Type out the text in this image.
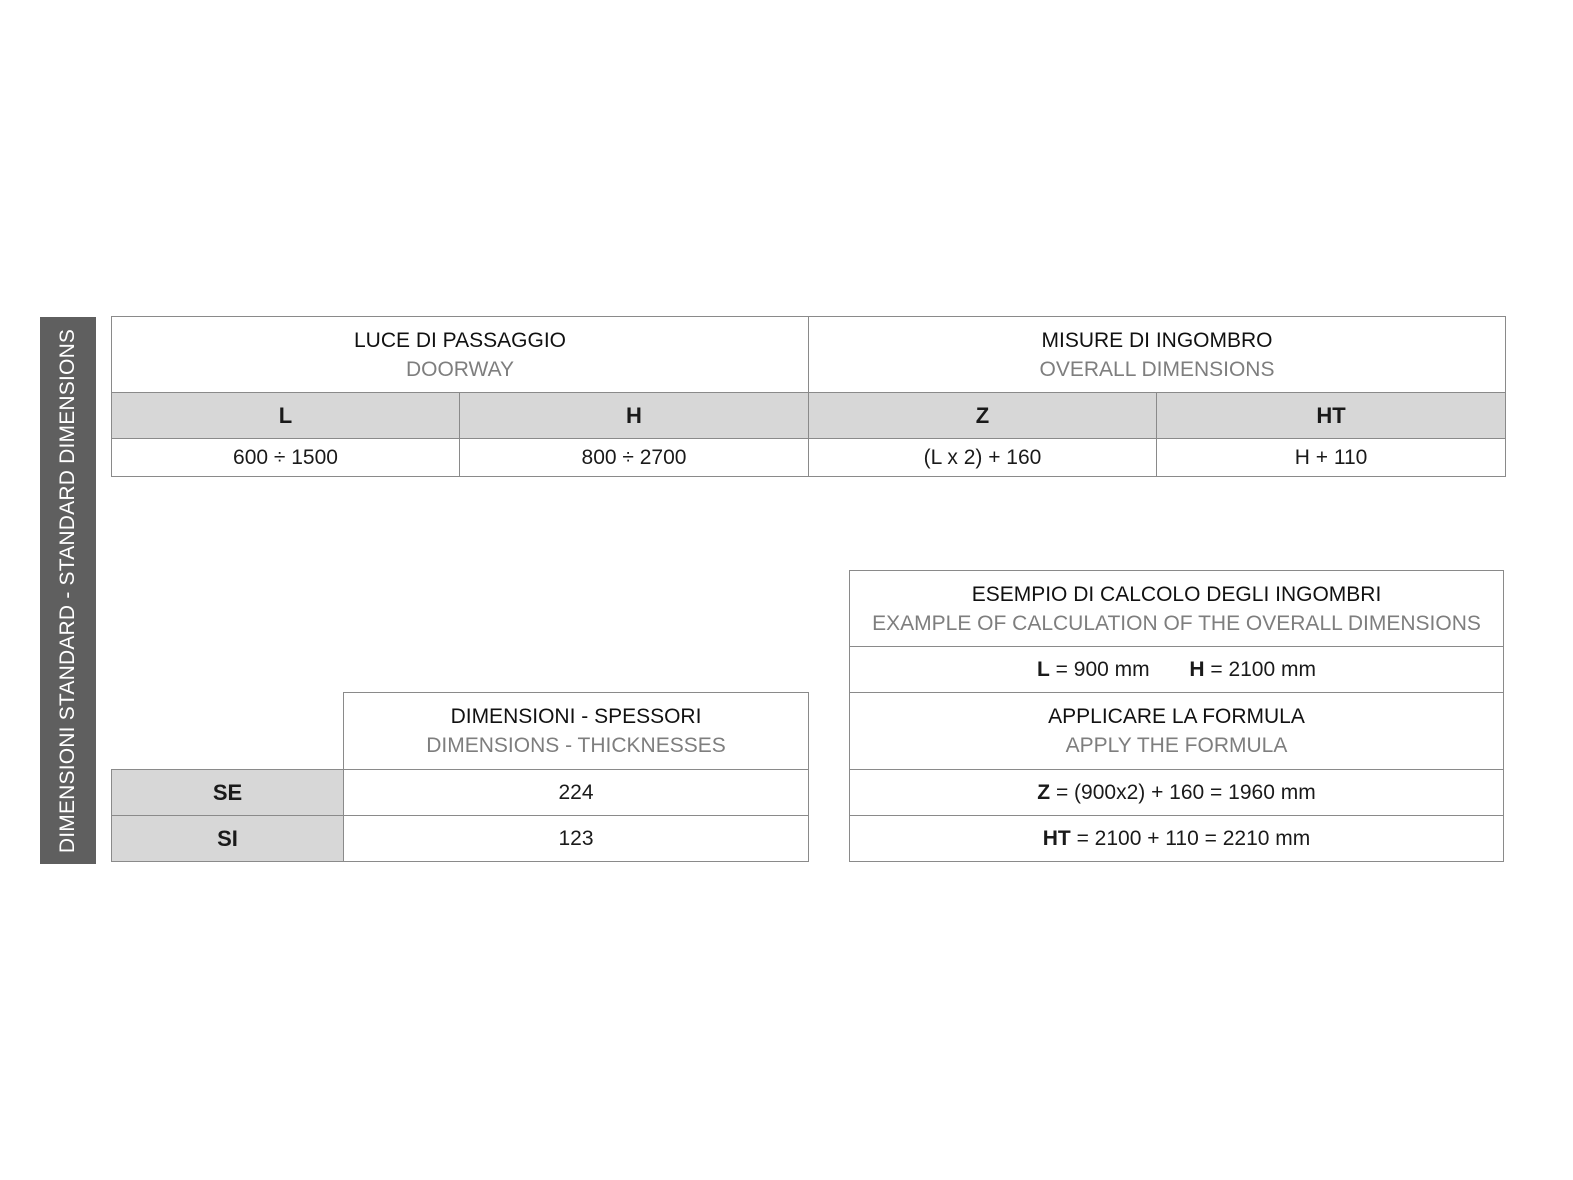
DIMENSIONI STANDARD - STANDARD DIMENSIONS	LUCE DI PASSAGGIO
DOORWAY		MISURE DI INGOMBRO
OVERALL DIMENSIONS	

L	H	Z	HT
600 ÷ 1500	800 ÷ 2700	(L x 2) + 160	H + 110

	DIMENSIONI - SPESSORI
DIMENSIONS - THICKNESSES

SE	224
SI	123
ESEMPIO DI CALCOLO DEGLI INGOMBRI
EXAMPLE OF CALCULATION OF THE OVERALL DIMENSIONS

L = 900 mm H = 2100 mm

APPLICARE LA FORMULA
APPLY THE FORMULA

Z = (900x2) + 160 = 1960 mm
HT = 2100 + 110 = 2210 mm
